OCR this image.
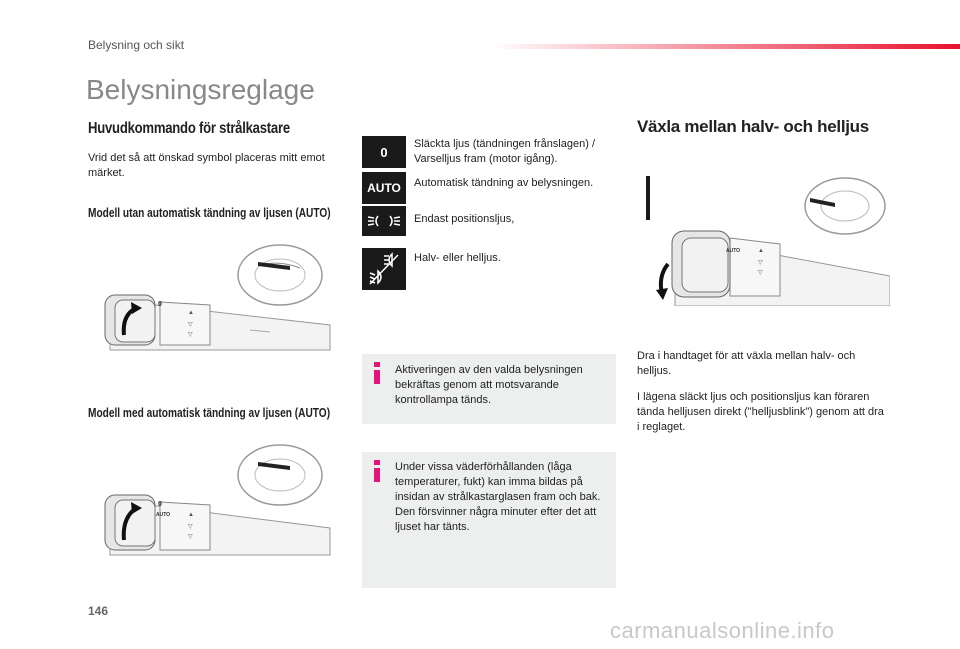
Belysning och sikt
Belysningsreglage
Huvudkommando för strålkastare
Vrid det så att önskad symbol placeras mitt emot märket.
Modell utan automatisk tändning av ljusen (AUTO)
0
▲
▽
▽
Modell med automatisk tändning av ljusen (AUTO)
0
AUTO	▲
▽
▽
0
Släckta ljus (tändningen frånslagen) / Varselljus fram (motor igång).
AUTO	Automatisk tändning av belysningen.
Endast positionsljus,
Halv- eller helljus.
Aktiveringen av den valda belysningen bekräftas genom att motsvarande kontrollampa tänds.
Under vissa väderförhållanden (låga temperaturer, fukt) kan imma bildas på insidan av strålkastarglasen fram och bak. Den försvinner några minuter efter det att ljuset har tänts.
Växla mellan halv- och helljus
AUTO	▲
▽
▽
Dra i handtaget för att växla mellan halv- och helljus.
I lägena släckt ljus och positionsljus kan föraren tända helljusen direkt ("helljusblink") genom att dra i reglaget.
146
carmanualsonline.info
